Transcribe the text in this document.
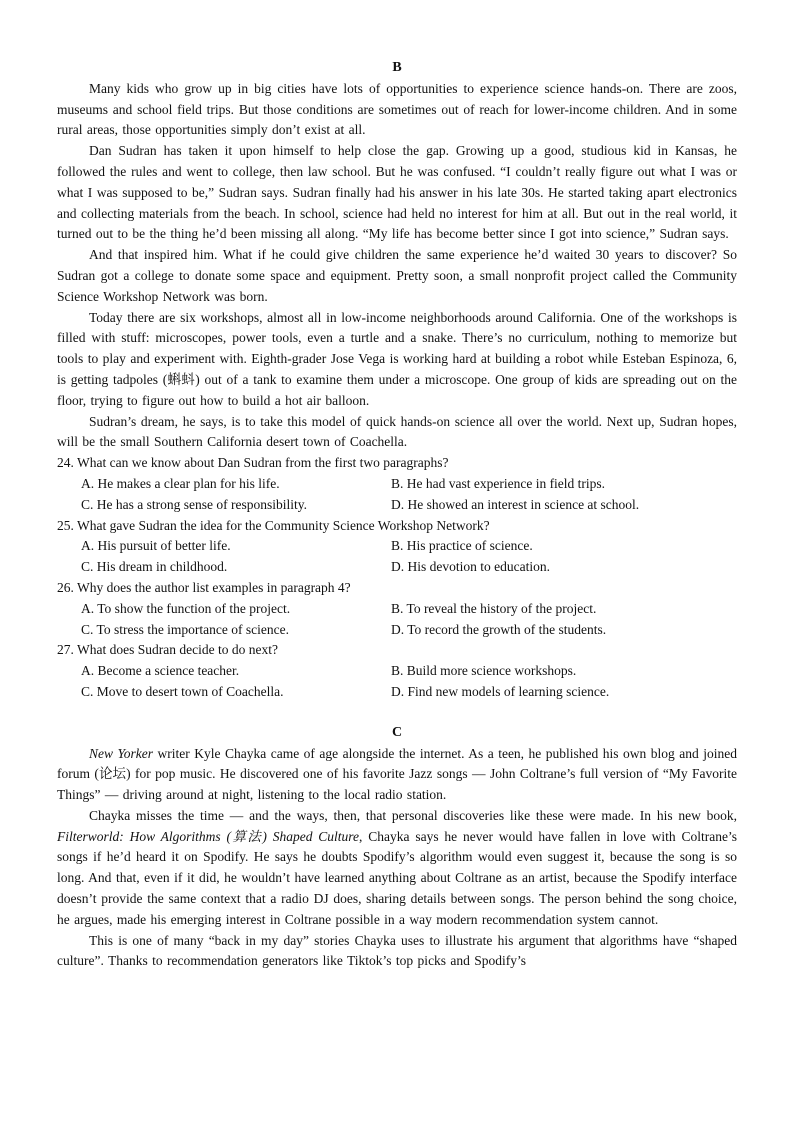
B

Many kids who grow up in big cities have lots of opportunities to experience science hands-on. There are zoos, museums and school field trips. But those conditions are sometimes out of reach for lower-income children. And in some rural areas, those opportunities simply don’t exist at all.

Dan Sudran has taken it upon himself to help close the gap. Growing up a good, studious kid in Kansas, he followed the rules and went to college, then law school. But he was confused. “I couldn’t really figure out what I was or what I was supposed to be,” Sudran says. Sudran finally had his answer in his late 30s. He started taking apart electronics and collecting materials from the beach. In school, science had held no interest for him at all. But out in the real world, it turned out to be the thing he’d been missing all along. “My life has become better since I got into science,” Sudran says.

And that inspired him. What if he could give children the same experience he’d waited 30 years to discover? So Sudran got a college to donate some space and equipment. Pretty soon, a small nonprofit project called the Community Science Workshop Network was born.

Today there are six workshops, almost all in low-income neighborhoods around California. One of the workshops is filled with stuff: microscopes, power tools, even a turtle and a snake. There’s no curriculum, nothing to memorize but tools to play and experiment with. Eighth-grader Jose Vega is working hard at building a robot while Esteban Espinoza, 6, is getting tadpoles (蝌蚪) out of a tank to examine them under a microscope. One group of kids are spreading out on the floor, trying to figure out how to build a hot air balloon.

Sudran’s dream, he says, is to take this model of quick hands-on science all over the world. Next up, Sudran hopes, will be the small Southern California desert town of Coachella.

24. What can we know about Dan Sudran from the first two paragraphs?

A. He makes a clear plan for his life.	B. He had vast experience in field trips.
C. He has a strong sense of responsibility.	D. He showed an interest in science at school.

25. What gave Sudran the idea for the Community Science Workshop Network?

A. His pursuit of better life.	B. His practice of science.
C. His dream in childhood.	D. His devotion to education.

26. Why does the author list examples in paragraph 4?

A. To show the function of the project.	B. To reveal the history of the project.
C. To stress the importance of science.	D. To record the growth of the students.

27. What does Sudran decide to do next?

A. Become a science teacher.	B. Build more science workshops.
C. Move to desert town of Coachella.	D. Find new models of learning science.
C

New Yorker writer Kyle Chayka came of age alongside the internet. As a teen, he published his own blog and joined forum (论坛) for pop music. He discovered one of his favorite Jazz songs — John Coltrane’s full version of “My Favorite Things” — driving around at night, listening to the local radio station.

Chayka misses the time — and the ways, then, that personal discoveries like these were made. In his new book, Filterworld: How Algorithms (算法) Shaped Culture, Chayka says he never would have fallen in love with Coltrane’s songs if he’d heard it on Spodify. He says he doubts Spodify’s algorithm would even suggest it, because the song is so long. And that, even if it did, he wouldn’t have learned anything about Coltrane as an artist, because the Spodify interface doesn’t provide the same context that a radio DJ does, sharing details between songs. The person behind the song choice, he argues, made his emerging interest in Coltrane possible in a way modern recommendation system cannot.

This is one of many “back in my day” stories Chayka uses to illustrate his argument that algorithms have “shaped culture”. Thanks to recommendation generators like Tiktok’s top picks and Spodify’s
